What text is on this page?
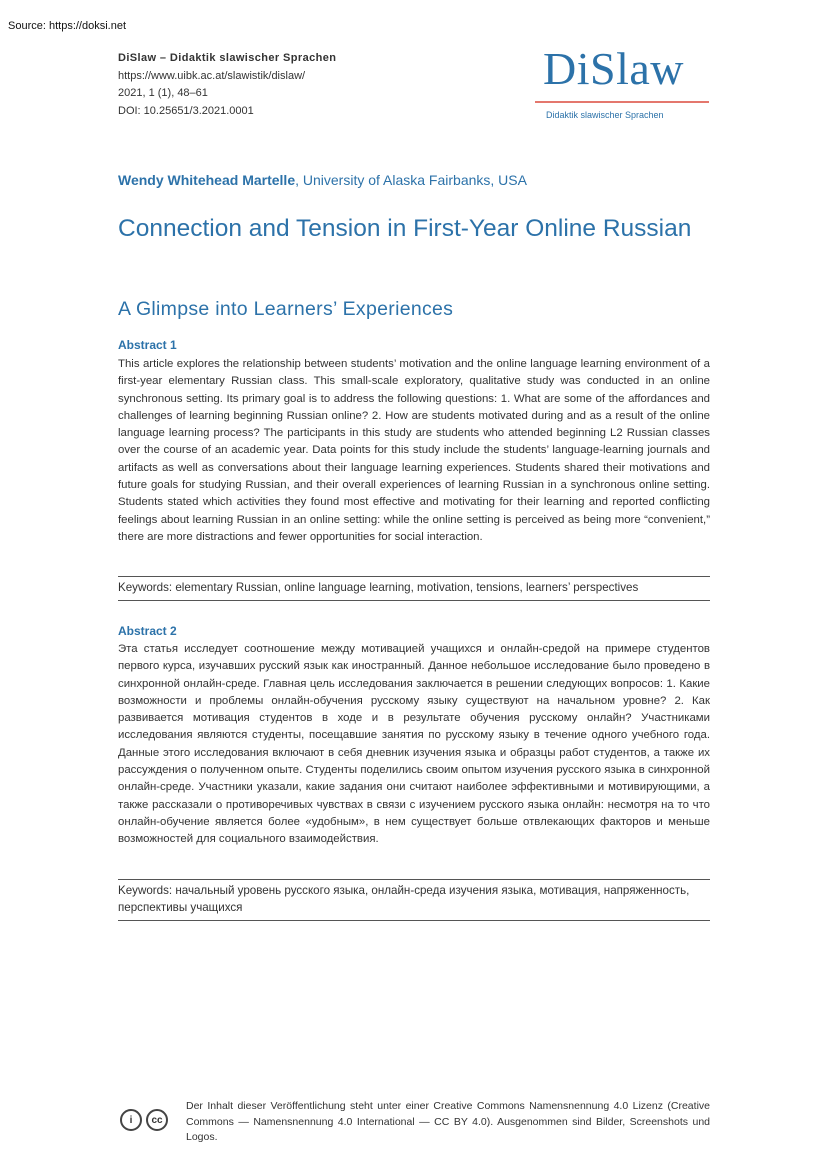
Source: https://doksi.net
DiSlaw – Didaktik slawischer Sprachen
https://www.uibk.ac.at/slawistik/dislaw/
2021, 1 (1), 48–61
DOI: 10.25651/3.2021.0001
DiSlaw
Didaktik slawischer Sprachen
Wendy Whitehead Martelle, University of Alaska Fairbanks, USA
Connection and Tension in First-Year Online Russian
A Glimpse into Learners’ Experiences
Abstract 1

This article explores the relationship between students’ motivation and the online language learning environment of a first-year elementary Russian class. This small-scale exploratory, qualitative study was conducted in an online synchronous setting. Its primary goal is to address the following questions: 1. What are some of the affordances and challenges of learning beginning Russian online? 2. How are students motivated during and as a result of the online language learning process? The participants in this study are students who attended beginning L2 Russian classes over the course of an academic year. Data points for this study include the students’ language-learning journals and artifacts as well as conversations about their language learning experiences. Students shared their motivations and future goals for studying Russian, and their overall experiences of learning Russian in a synchronous online setting. Students stated which activities they found most effective and motivating for their learning and reported conflicting feelings about learning Russian in an online setting: while the online setting is perceived as being more “convenient,” there are more distractions and fewer opportunities for social interaction.

Keywords: elementary Russian, online language learning, motivation, tensions, learners’ perspectives
Abstract 2

Эта статья исследует соотношение между мотивацией учащихся и онлайн-средой на примере студентов первого курса, изучавших русский язык как иностранный. Данное небольшое исследование было проведено в синхронной онлайн-среде. Главная цель исследования заключается в решении следующих вопросов: 1. Какие возможности и проблемы онлайн-обучения русскому языку существуют на начальном уровне? 2. Как развивается мотивация студентов в ходе и в результате обучения русскому онлайн? Участниками исследования являются студенты, посещавшие занятия по русскому языку в течение одного учебного года. Данные этого исследования включают в себя дневник изучения языка и образцы работ студентов, а также их рассуждения о полученном опыте. Студенты поделились своим опытом изучения русского языка в синхронной онлайн-среде. Участники указали, какие задания они считают наиболее эффективными и мотивирующими, а также рассказали о противоречивых чувствах в связи с изучением русского языка онлайн: несмотря на то что онлайн-обучение является более «удобным», в нем существует больше отвлекающих факторов и меньше возможностей для социального взаимодействия.

Keywords: начальный уровень русского языка, онлайн-среда изучения языка, мотивация, напряженность, перспективы учащихся
i	cc
Der Inhalt dieser Veröffentlichung steht unter einer Creative Commons Namensnennung 4.0 Lizenz (Creative Commons — Namensnennung 4.0 International — CC BY 4.0). Ausgenommen sind Bilder, Screenshots und Logos.
